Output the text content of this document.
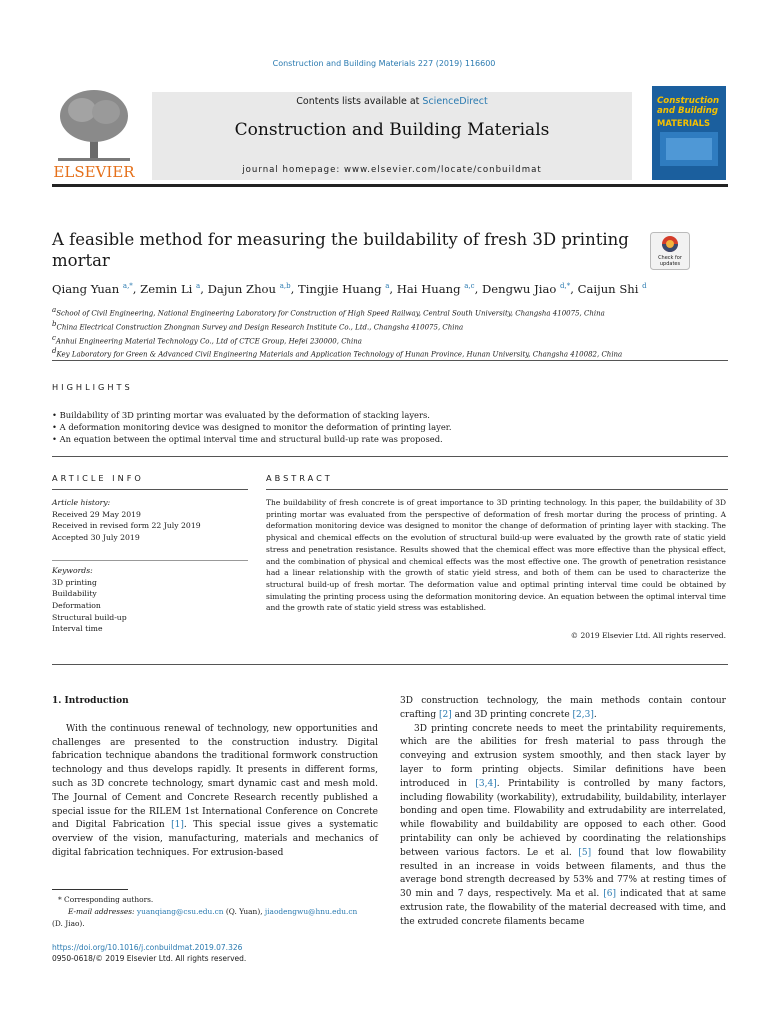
Construction and Building Materials 227 (2019) 116600
ELSEVIER
Contents lists available at ScienceDirect
Construction and Building Materials
journal homepage: www.elsevier.com/locate/conbuildmat
Construction and Building
MATERIALS
A feasible method for measuring the buildability of fresh 3D printing mortar	Check for updates
Qiang Yuan $^{a,*}$, Zemin Li $^a$, Dajun Zhou $^{a,b}$, Tingjie Huang $^a$, Hai Huang $^{a,c}$, Dengwu Jiao $^{d,*}$, Caijun Shi $^d$
$^a$School of Civil Engineering, National Engineering Laboratory for Construction of High Speed Railway, Central South University, Changsha 410075, China
$^b$China Electrical Construction Zhongnan Survey and Design Research Institute Co., Ltd., Changsha 410075, China
$^c$Anhui Engineering Material Technology Co., Ltd of CTCE Group, Hefei 230000, China
$^d$Key Laboratory for Green & Advanced Civil Engineering Materials and Application Technology of Hunan Province, Hunan University, Changsha 410082, China
HIGHLIGHTS
• Buildability of 3D printing mortar was evaluated by the deformation of stacking layers.
• A deformation monitoring device was designed to monitor the deformation of printing layer.
• An equation between the optimal interval time and structural build-up rate was proposed.
ARTICLE INFO	ABSTRACT
Article history:
Received 29 May 2019
Received in revised form 22 July 2019
Accepted 30 July 2019
Keywords:
3D printing
Buildability
Deformation
Structural build-up
Interval time
The buildability of fresh concrete is of great importance to 3D printing technology. In this paper, the buildability of 3D printing mortar was evaluated from the perspective of deformation of fresh mortar during the process of printing. A deformation monitoring device was designed to monitor the change of deformation of printing layer with stacking. The physical and chemical effects on the evolution of structural build-up were evaluated by the growth rate of static yield stress and penetration resistance. Results showed that the chemical effect was more effective than the physical effect, and the combination of physical and chemical effects was the most effective one. The growth of penetration resistance had a linear relationship with the growth of static yield stress, and both of them can be used to characterize the structural build-up of fresh mortar. The deformation value and optimal printing interval time could be obtained by simulating the printing process using the deformation monitoring device. An equation between the optimal interval time and the growth rate of static yield stress was established.
© 2019 Elsevier Ltd. All rights reserved.
1. Introduction
With the continuous renewal of technology, new opportunities and challenges are presented to the construction industry. Digital fabrication technique abandons the traditional formwork construction technology and thus develops rapidly. It presents in different forms, such as 3D concrete technology, smart dynamic cast and mesh mold. The Journal of Cement and Concrete Research recently published a special issue for the RILEM 1st International Conference on Concrete and Digital Fabrication [1]. This special issue gives a systematic overview of the vision, manufacturing, materials and mechanics of digital fabrication techniques. For extrusion-based
3D construction technology, the main methods contain contour crafting [2] and 3D printing concrete [2,3].
3D printing concrete needs to meet the printability requirements, which are the abilities for fresh material to pass through the conveying and extrusion system smoothly, and then stack layer by layer to form printing objects. Similar definitions have been introduced in [3,4]. Printability is controlled by many factors, including flowability (workability), extrudability, buildability, interlayer bonding and open time. Flowability and extrudability are interrelated, while flowability and buildability are opposed to each other. Good printability can only be achieved by coordinating the relationships between various factors. Le et al. [5] found that low flowability resulted in an increase in voids between filaments, and thus the average bond strength decreased by 53% and 77% at resting times of 30 min and 7 days, respectively. Ma et al. [6] indicated that at same extrusion rate, the flowability of the material decreased with time, and the extruded concrete filaments became
* Corresponding authors.
E-mail addresses: yuanqiang@csu.edu.cn (Q. Yuan), jiaodengwu@hnu.edu.cn
(D. Jiao).
https://doi.org/10.1016/j.conbuildmat.2019.07.326
0950-0618/© 2019 Elsevier Ltd. All rights reserved.
